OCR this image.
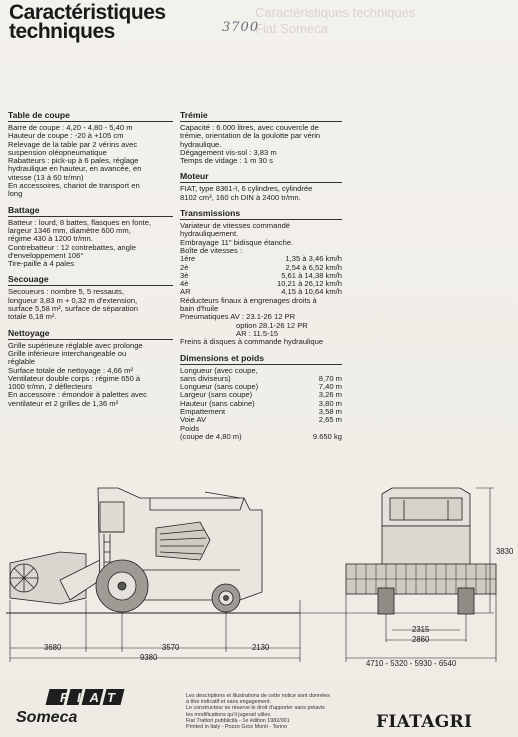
Caractéristiques
techniques
Caractéristiques techniques
Fiat Someca
3700
Table de coupe
Barre de coupe : 4,20 - 4,80 - 5,40 m
Hauteur de coupe : -20 à +105 cm
Relevage de la table par 2 vérins avec
suspension oléopneumatique
Rabatteurs : pick-up à 6 pales, réglage
hydraulique en hauteur, en avancée, en
vitesse (13 à 60 tr/mn)
En accessoires, chariot de transport en
long
Battage
Batteur : lourd, 8 battes, flasques en fonte,
largeur 1346 mm, diamètre 600 mm,
régime 430 à 1200 tr/mn.
Contrebatteur : 12 contrebattes, angle
d'enveloppement 106°
Tire-paille à 4 pales
Secouage
Secoueurs : nombre 5, 5 ressauts,
longueur 3,83 m + 0,32 m d'extension,
surface 5,58 m², surface de séparation
totale 6,18 m².
Nettoyage
Grille supérieure réglable avec prolonge
Grille inférieure interchangeable ou
réglable
Surface totale de nettoyage : 4,66 m²
Ventilateur double corps : régime 650 à
1000 tr/mn, 2 déflecteurs
En accessoire : émondoir à palettes avec
ventilateur et 2 grilles de 1,36 m²
Trémie
Capacité : 6.000 litres, avec couvercle de
trémie, orientation de la goulotte par vérin
hydraulique.
Dégagement vis-sol : 3,83 m
Temps de vidage : 1 m 30 s
Moteur
FIAT, type 8361-I, 6 cylindres, cylindrée
8102 cm³, 160 ch DIN à 2400 tr/mn.
Transmissions
Variateur de vitesses commandé
hydrauliquement.
Embrayage 11" bidisque étanche.
Boîte de vitesses :
1ère	1,35 à 3,46 km/h
2è	2,54 à 6,52 km/h
3è	5,61 à 14,38 km/h
4è	10,21 à 26,12 km/h
AR	4,15 à 10,64 km/h
Réducteurs finaux à engrenages droits à
bain d'huile
Pneumatiques AV : 23.1-26 12 PR
option 28.1-26 12 PR
AR : 11.5-15
Freins à disques à commande hydraulique
Dimensions et poids
Longueur (avec coupe,	
sans diviseurs)	8,70 m
Longueur (sans coupe)	7,40 m
Largeur (sans coupe)	3,26 m
Hauteur (sans cabine)	3,80 m
Empattement	3,58 m
Voie AV	2,65 m
Poids	
(coupe de 4,80 m)	9.650 kg
3680	3570	2130
9380
3830
2315
2860
4710 - 5320 - 5930 - 6540
FIAT
Someca
Les descriptions et illustrations de cette notice sont données
à titre indicatif et sans engagement.
Le constructeur se réserve le droit d'apporter sans préavis
les modifications qu'il jugerait utiles.
Fiat Trattori pubblicità - 1e édition 1982/001
Printed in Italy - Pozzo Gros Monti - Torino	FIATAGRI
